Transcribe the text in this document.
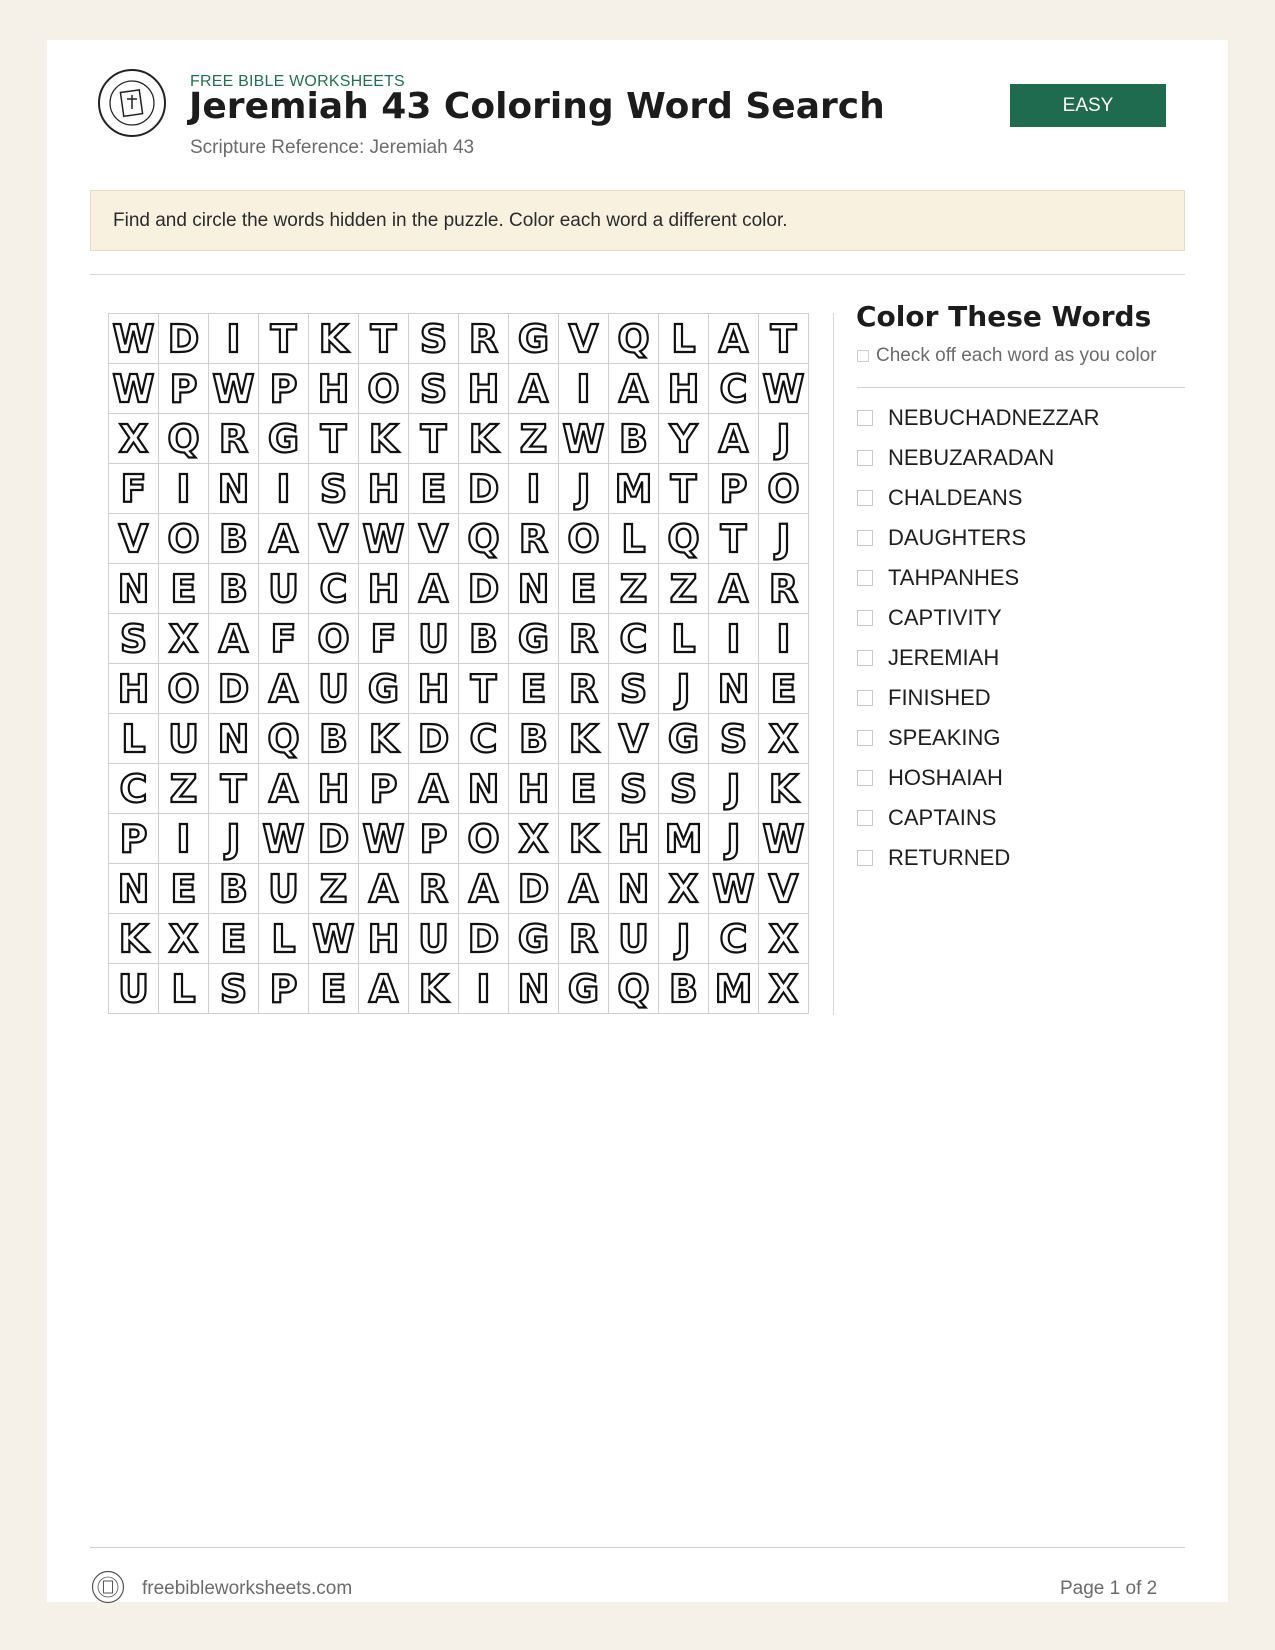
FREE BIBLE WORKSHEETS
Jeremiah 43 Coloring Word Search
Scripture Reference: Jeremiah 43
EASY
Find and circle the words hidden in the puzzle. Color each word a different color.
W	D	I	T	K	T	S	R	G	V	Q	L	A	T
W	P	W	P	H	O	S	H	A	I	A	H	C	W
X	Q	R	G	T	K	T	K	Z	W	B	Y	A	J
F	I	N	I	S	H	E	D	I	J	M	T	P	O
V	O	B	A	V	W	V	Q	R	O	L	Q	T	J
N	E	B	U	C	H	A	D	N	E	Z	Z	A	R
S	X	A	F	O	F	U	B	G	R	C	L	I	I
H	O	D	A	U	G	H	T	E	R	S	J	N	E
L	U	N	Q	B	K	D	C	B	K	V	G	S	X
C	Z	T	A	H	P	A	N	H	E	S	S	J	K
P	I	J	W	D	W	P	O	X	K	H	M	J	W
N	E	B	U	Z	A	R	A	D	A	N	X	W	V
K	X	E	L	W	H	U	D	G	R	U	J	C	X
U	L	S	P	E	A	K	I	N	G	Q	B	M	X
Color These Words
Check off each word as you color
NEBUCHADNEZZAR
NEBUZARADAN
CHALDEANS
DAUGHTERS
TAHPANHES
CAPTIVITY
JEREMIAH
FINISHED
SPEAKING
HOSHAIAH
CAPTAINS
RETURNED
freebibleworksheets.com	Page 1 of 2
